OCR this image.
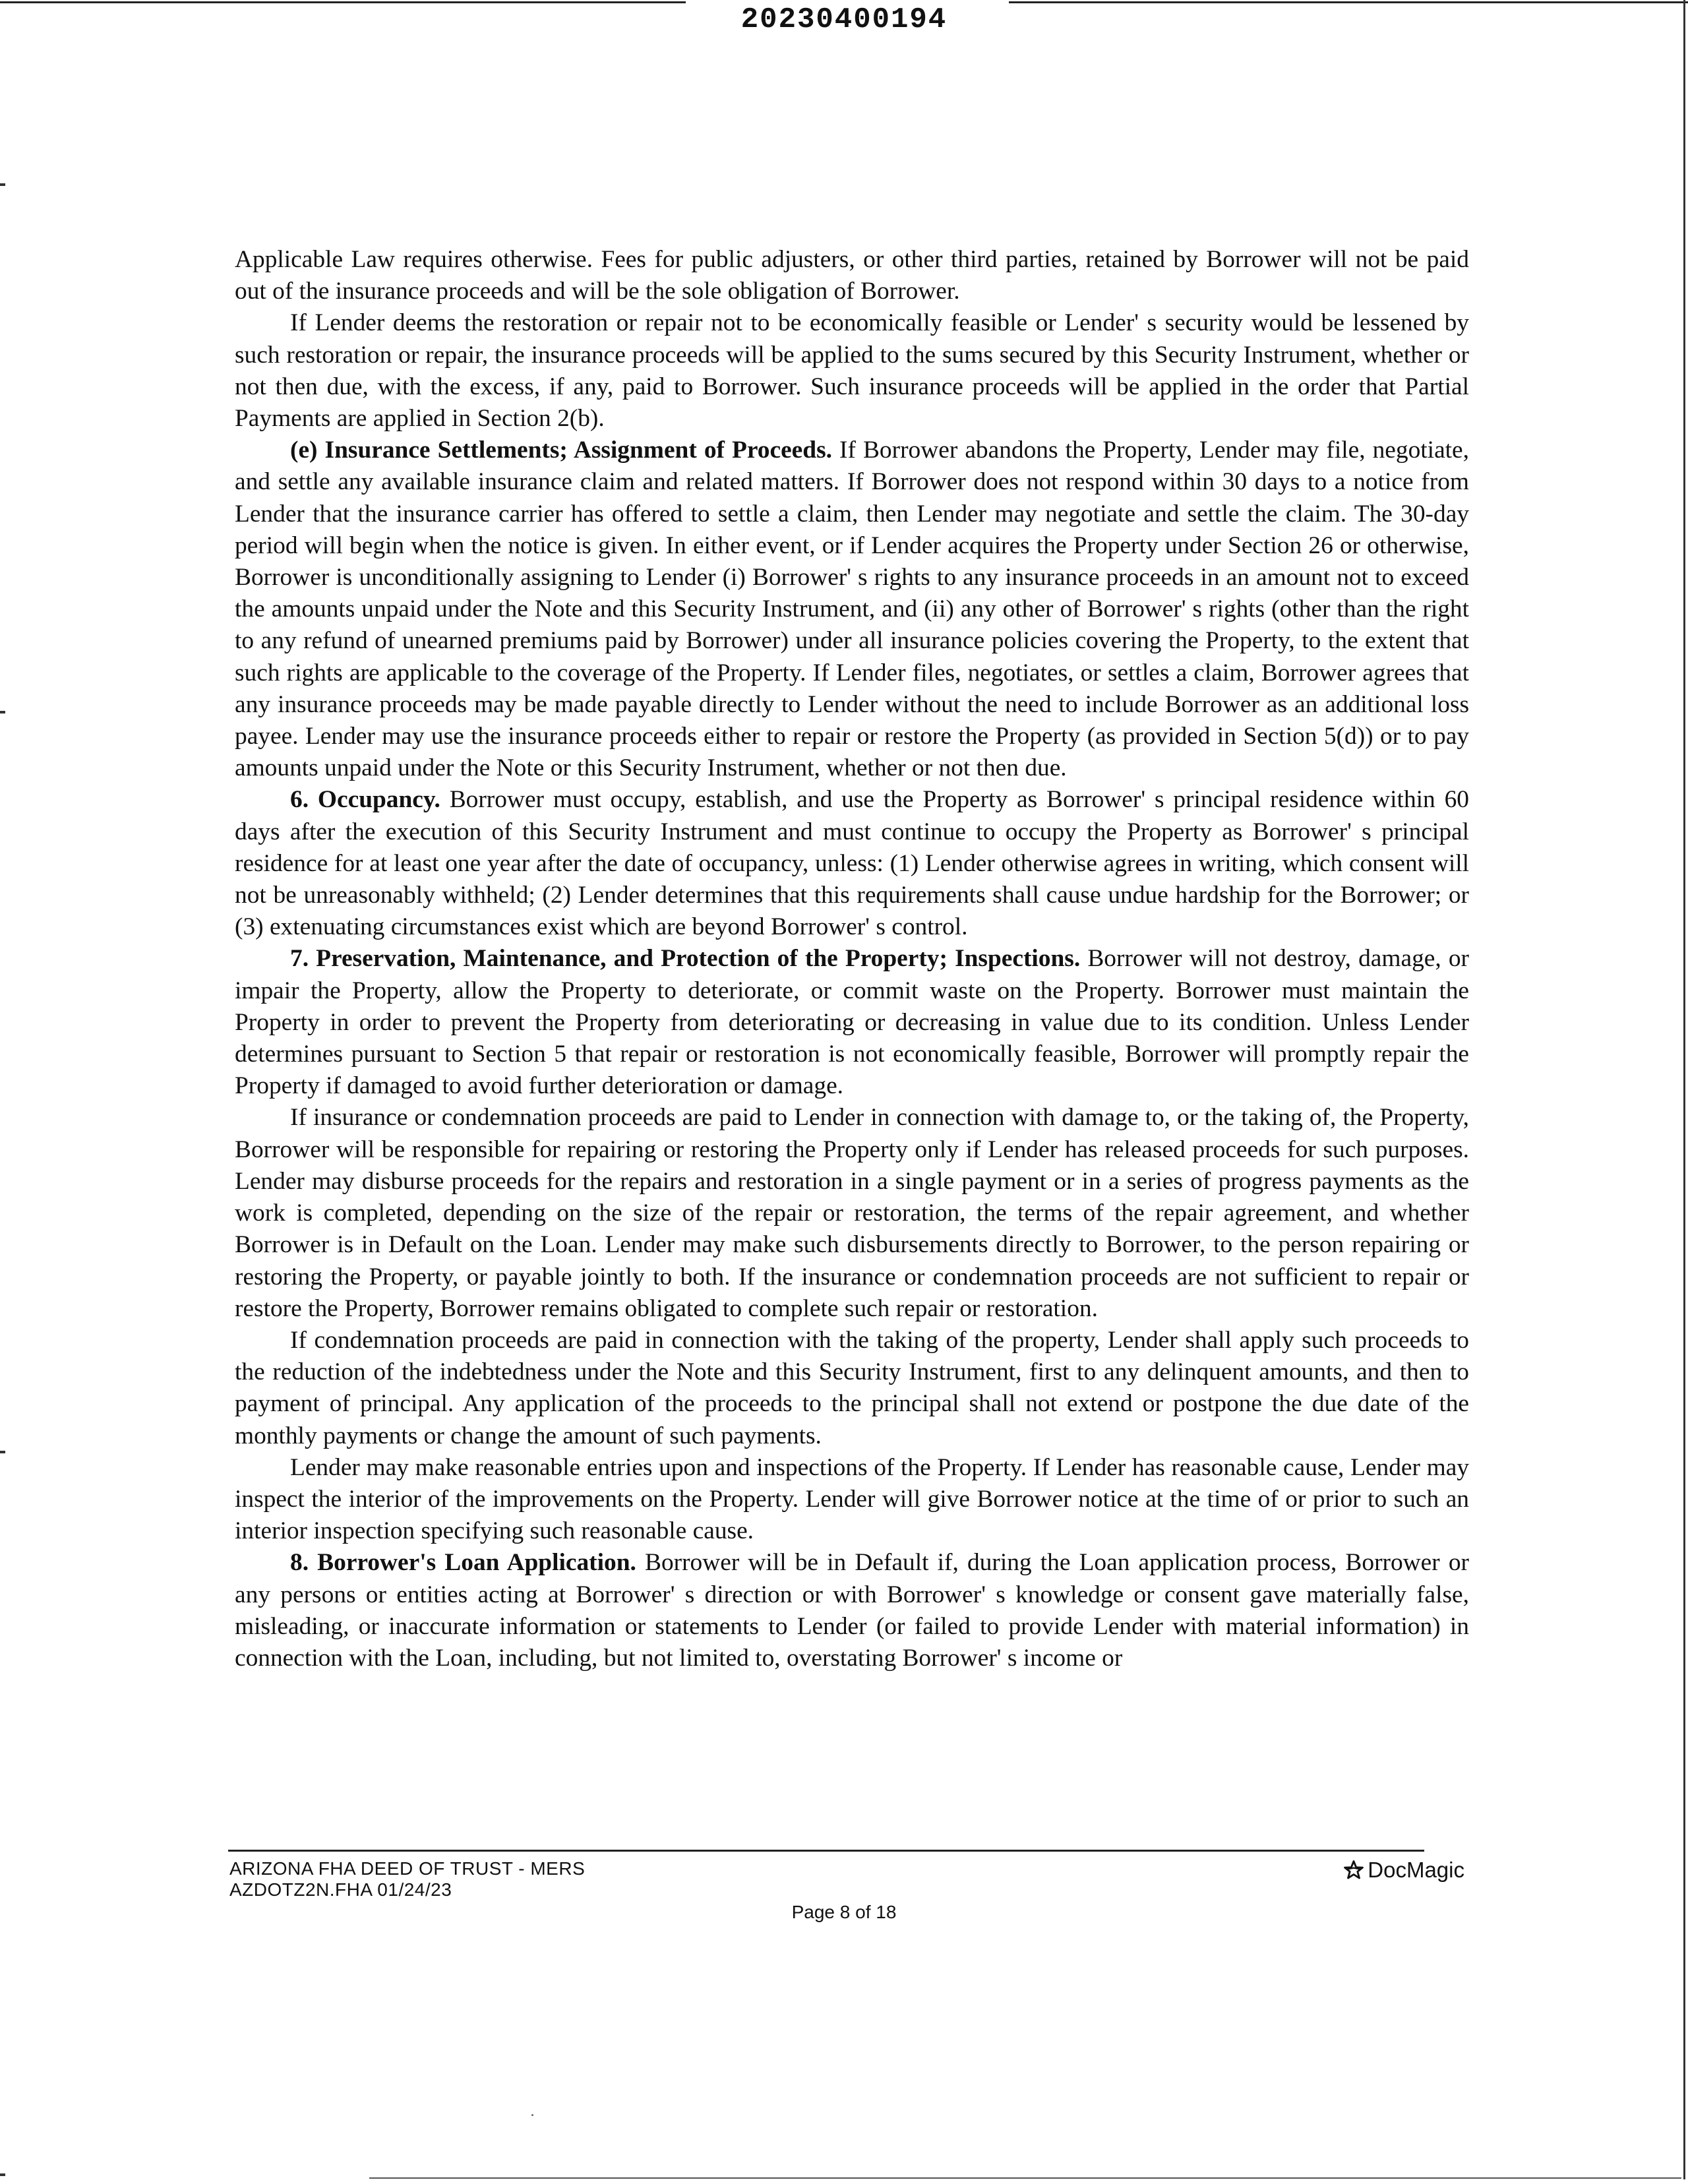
20230400194

Applicable Law requires otherwise. Fees for public adjusters, or other third parties, retained by Borrower will not be paid out of the insurance proceeds and will be the sole obligation of Borrower.

If Lender deems the restoration or repair not to be economically feasible or Lender' s security would be lessened by such restoration or repair, the insurance proceeds will be applied to the sums secured by this Security Instrument, whether or not then due, with the excess, if any, paid to Borrower. Such insurance proceeds will be applied in the order that Partial Payments are applied in Section 2(b).

(e) Insurance Settlements; Assignment of Proceeds. If Borrower abandons the Property, Lender may file, negotiate, and settle any available insurance claim and related matters. If Borrower does not respond within 30 days to a notice from Lender that the insurance carrier has offered to settle a claim, then Lender may negotiate and settle the claim. The 30-day period will begin when the notice is given. In either event, or if Lender acquires the Property under Section 26 or otherwise, Borrower is unconditionally assigning to Lender (i) Borrower' s rights to any insurance proceeds in an amount not to exceed the amounts unpaid under the Note and this Security Instrument, and (ii) any other of Borrower' s rights (other than the right to any refund of unearned premiums paid by Borrower) under all insurance policies covering the Property, to the extent that such rights are applicable to the coverage of the Property. If Lender files, negotiates, or settles a claim, Borrower agrees that any insurance proceeds may be made payable directly to Lender without the need to include Borrower as an additional loss payee. Lender may use the insurance proceeds either to repair or restore the Property (as provided in Section 5(d)) or to pay amounts unpaid under the Note or this Security Instrument, whether or not then due.

6. Occupancy. Borrower must occupy, establish, and use the Property as Borrower' s principal residence within 60 days after the execution of this Security Instrument and must continue to occupy the Property as Borrower' s principal residence for at least one year after the date of occupancy, unless: (1) Lender otherwise agrees in writing, which consent will not be unreasonably withheld; (2) Lender determines that this requirements shall cause undue hardship for the Borrower; or (3) extenuating circumstances exist which are beyond Borrower' s control.

7. Preservation, Maintenance, and Protection of the Property; Inspections. Borrower will not destroy, damage, or impair the Property, allow the Property to deteriorate, or commit waste on the Property. Borrower must maintain the Property in order to prevent the Property from deteriorating or decreasing in value due to its condition. Unless Lender determines pursuant to Section 5 that repair or restoration is not economically feasible, Borrower will promptly repair the Property if damaged to avoid further deterioration or damage.

If insurance or condemnation proceeds are paid to Lender in connection with damage to, or the taking of, the Property, Borrower will be responsible for repairing or restoring the Property only if Lender has released proceeds for such purposes. Lender may disburse proceeds for the repairs and restoration in a single payment or in a series of progress payments as the work is completed, depending on the size of the repair or restoration, the terms of the repair agreement, and whether Borrower is in Default on the Loan. Lender may make such disbursements directly to Borrower, to the person repairing or restoring the Property, or payable jointly to both. If the insurance or condemnation proceeds are not sufficient to repair or restore the Property, Borrower remains obligated to complete such repair or restoration.

If condemnation proceeds are paid in connection with the taking of the property, Lender shall apply such proceeds to the reduction of the indebtedness under the Note and this Security Instrument, first to any delinquent amounts, and then to payment of principal. Any application of the proceeds to the principal shall not extend or postpone the due date of the monthly payments or change the amount of such payments.

Lender may make reasonable entries upon and inspections of the Property. If Lender has reasonable cause, Lender may inspect the interior of the improvements on the Property. Lender will give Borrower notice at the time of or prior to such an interior inspection specifying such reasonable cause.

8. Borrower's Loan Application. Borrower will be in Default if, during the Loan application process, Borrower or any persons or entities acting at Borrower' s direction or with Borrower' s knowledge or consent gave materially false, misleading, or inaccurate information or statements to Lender (or failed to provide Lender with material information) in connection with the Loan, including, but not limited to, overstating Borrower' s income or

ARIZONA FHA DEED OF TRUST - MERS
AZDOTZ2N.FHA 01/24/23
DocMagic
Page 8 of 18
